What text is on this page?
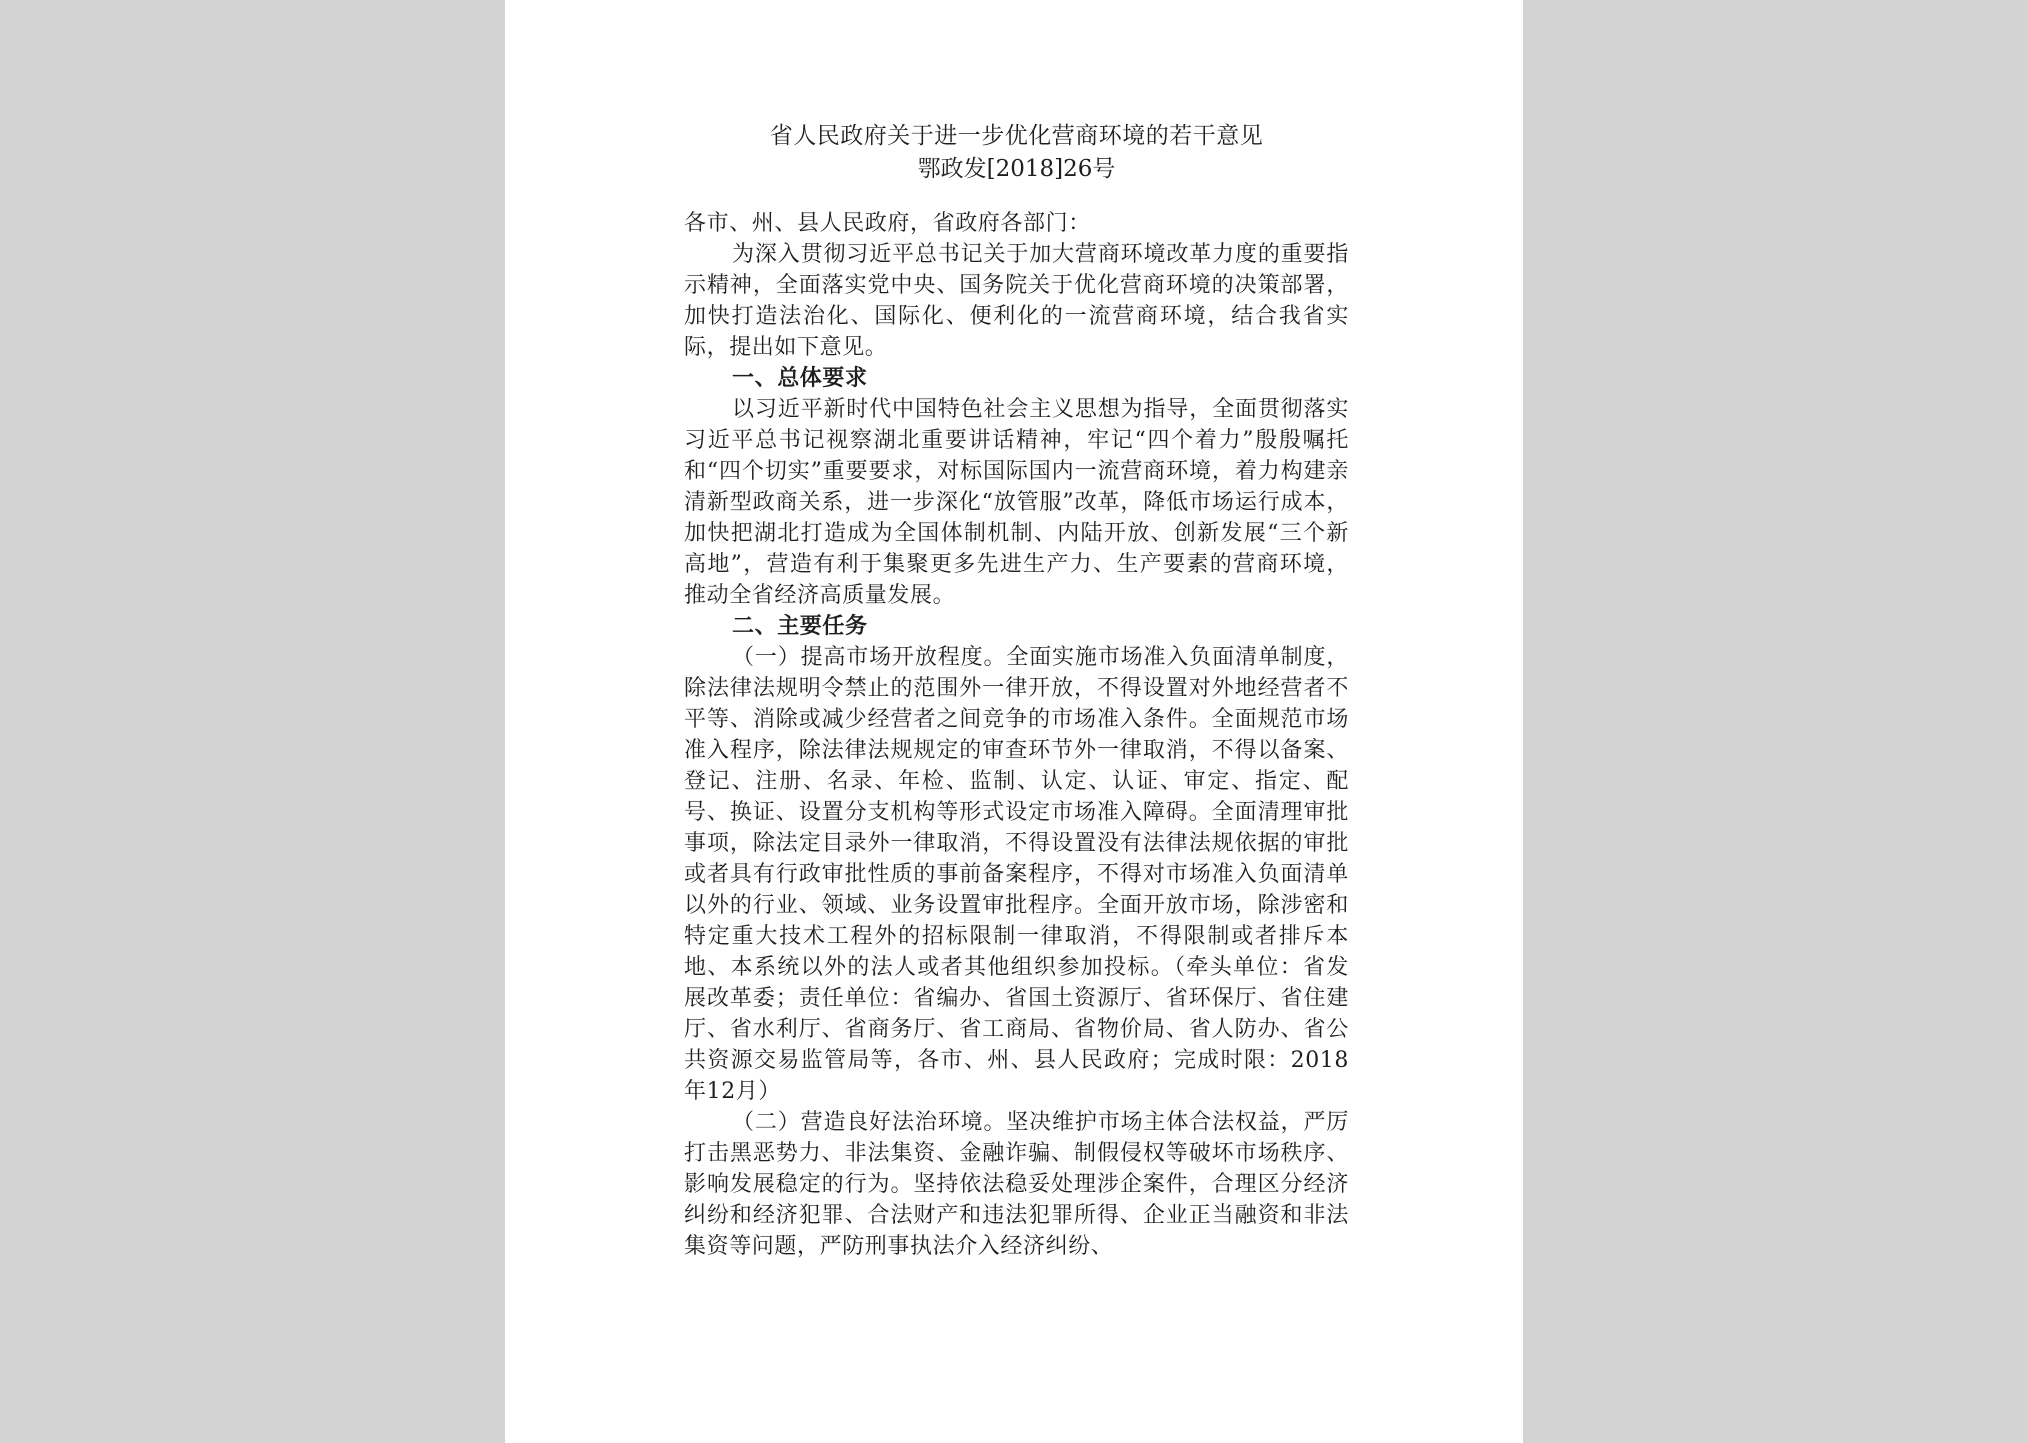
省人民政府关于进一步优化营商环境的若干意见
鄂政发[2018]26号

各市、州、县人民政府，省政府各部门：

为深入贯彻习近平总书记关于加大营商环境改革力度的重要指示精神，全面落实党中央、国务院关于优化营商环境的决策部署，加快打造法治化、国际化、便利化的一流营商环境，结合我省实际，提出如下意见。

一、总体要求

以习近平新时代中国特色社会主义思想为指导，全面贯彻落实习近平总书记视察湖北重要讲话精神，牢记“四个着力”殷殷嘱托和“四个切实”重要要求，对标国际国内一流营商环境，着力构建亲清新型政商关系，进一步深化“放管服”改革，降低市场运行成本，加快把湖北打造成为全国体制机制、内陆开放、创新发展“三个新高地”，营造有利于集聚更多先进生产力、生产要素的营商环境，推动全省经济高质量发展。

二、主要任务

（一）提高市场开放程度。全面实施市场准入负面清单制度，除法律法规明令禁止的范围外一律开放，不得设置对外地经营者不平等、消除或减少经营者之间竞争的市场准入条件。全面规范市场准入程序，除法律法规规定的审查环节外一律取消，不得以备案、登记、注册、名录、年检、监制、认定、认证、审定、指定、配号、换证、设置分支机构等形式设定市场准入障碍。全面清理审批事项，除法定目录外一律取消，不得设置没有法律法规依据的审批或者具有行政审批性质的事前备案程序，不得对市场准入负面清单以外的行业、领域、业务设置审批程序。全面开放市场，除涉密和特定重大技术工程外的招标限制一律取消，不得限制或者排斥本地、本系统以外的法人或者其他组织参加投标。（牵头单位：省发展改革委；责任单位：省编办、省国土资源厅、省环保厅、省住建厅、省水利厅、省商务厅、省工商局、省物价局、省人防办、省公共资源交易监管局等，各市、州、县人民政府；完成时限：2018年12月）

（二）营造良好法治环境。坚决维护市场主体合法权益，严厉打击黑恶势力、非法集资、金融诈骗、制假侵权等破坏市场秩序、影响发展稳定的行为。坚持依法稳妥处理涉企案件，合理区分经济纠纷和经济犯罪、合法财产和违法犯罪所得、企业正当融资和非法集资等问题，严防刑事执法介入经济纠纷、
